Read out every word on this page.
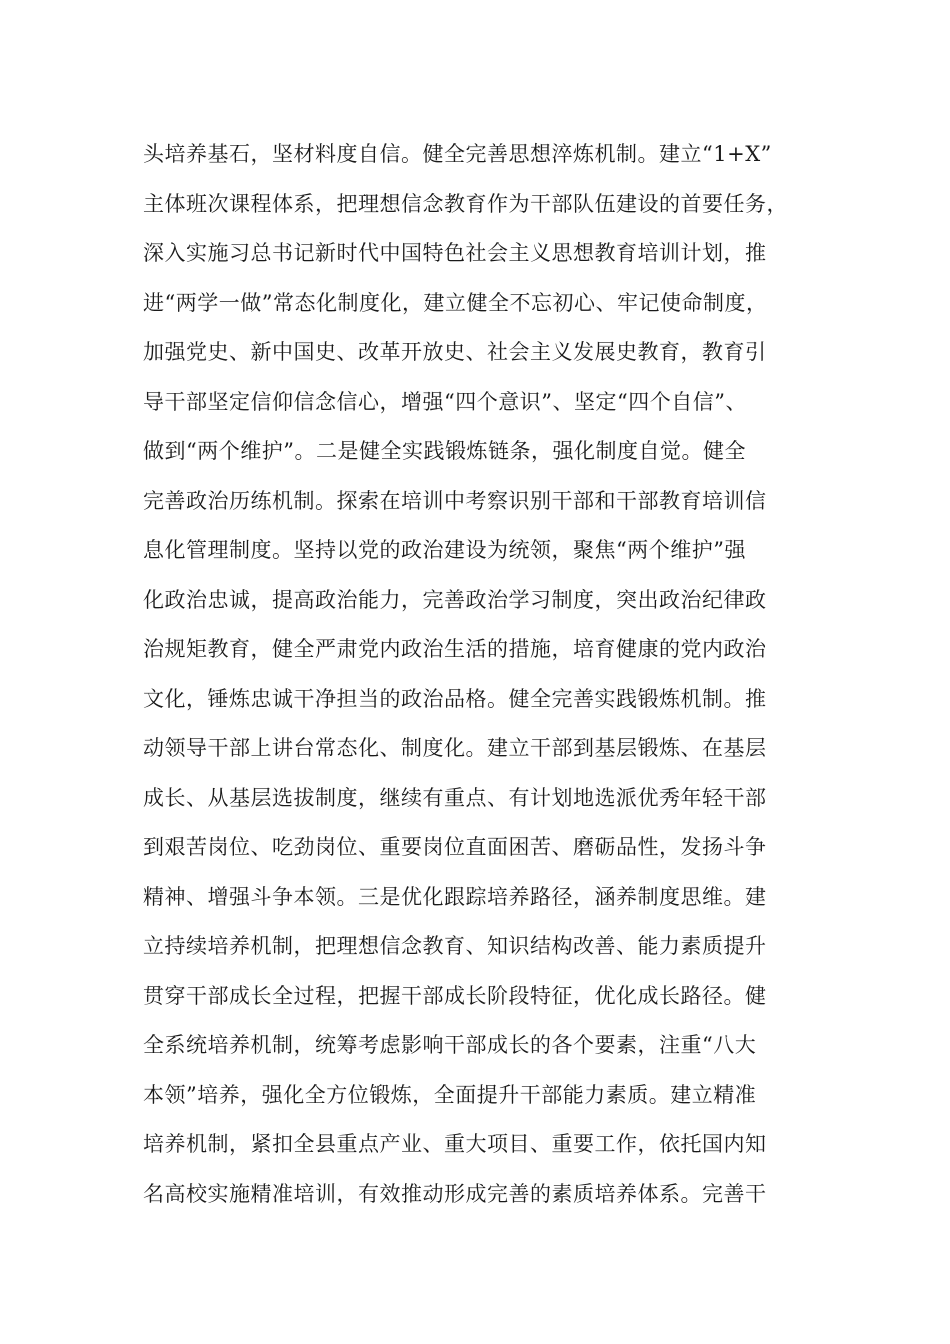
头培养基石，坚材料度自信。健全完善思想淬炼机制。建立“1+X”
主体班次课程体系，把理想信念教育作为干部队伍建设的首要任务，
深入实施习总书记新时代中国特色社会主义思想教育培训计划，推
进“两学一做”常态化制度化，建立健全不忘初心、牢记使命制度，
加强党史、新中国史、改革开放史、社会主义发展史教育，教育引
导干部坚定信仰信念信心，增强“四个意识”、坚定“四个自信”、
做到“两个维护”。二是健全实践锻炼链条，强化制度自觉。健全
完善政治历练机制。探索在培训中考察识别干部和干部教育培训信
息化管理制度。坚持以党的政治建设为统领，聚焦“两个维护”强
化政治忠诚，提高政治能力，完善政治学习制度，突出政治纪律政
治规矩教育，健全严肃党内政治生活的措施，培育健康的党内政治
文化，锤炼忠诚干净担当的政治品格。健全完善实践锻炼机制。推
动领导干部上讲台常态化、制度化。建立干部到基层锻炼、在基层
成长、从基层选拔制度，继续有重点、有计划地选派优秀年轻干部
到艰苦岗位、吃劲岗位、重要岗位直面困苦、磨砺品性，发扬斗争
精神、增强斗争本领。三是优化跟踪培养路径，涵养制度思维。建
立持续培养机制，把理想信念教育、知识结构改善、能力素质提升
贯穿干部成长全过程，把握干部成长阶段特征，优化成长路径。健
全系统培养机制，统筹考虑影响干部成长的各个要素，注重“八大
本领”培养，强化全方位锻炼，全面提升干部能力素质。建立精准
培养机制，紧扣全县重点产业、重大项目、重要工作，依托国内知
名高校实施精准培训，有效推动形成完善的素质培养体系。完善干
